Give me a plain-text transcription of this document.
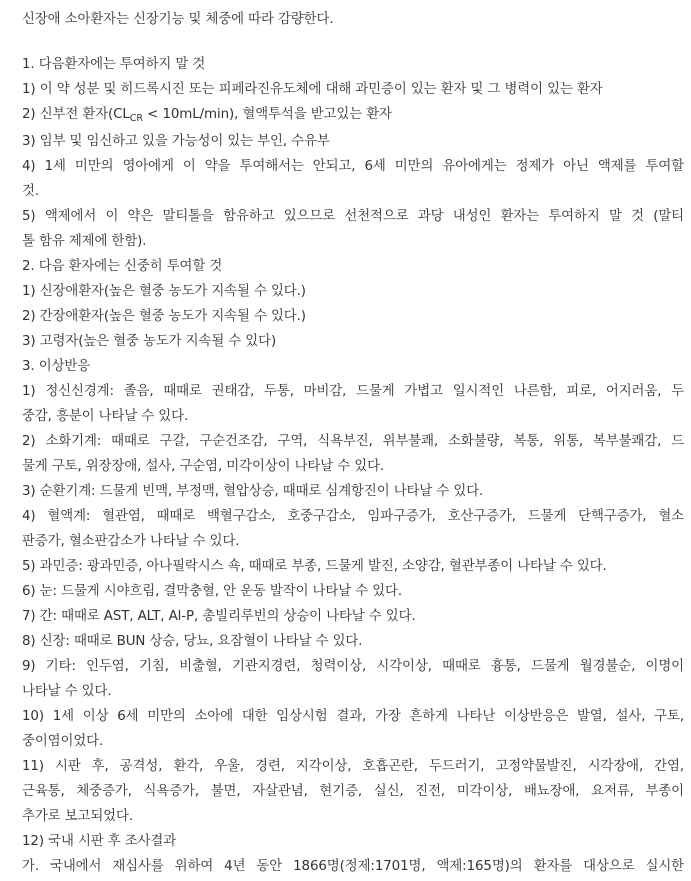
신장애 소아환자는 신장기능 및 체중에 따라 감량한다.
1. 다음환자에는 투여하지 말 것
1) 이 약 성분 및 히드록시진 또는 피페라진유도체에 대해 과민증이 있는 환자 및 그 병력이 있는 환자
2) 신부전 환자$(CL_{CR} < 10mL/\min)$, 혈액투석을 받고있는 환자
3) 임부 및 임신하고 있을 가능성이 있는 부인, 수유부
4) 1세 미만의 영아에게 이 약을 투여해서는 안되고, 6세 미만의 유아에게는 정제가 아닌 액제를 투여할
것.
5) 액제에서 이 약은 말티톨을 함유하고 있으므로 선천적으로 과당 내성인 환자는 투여하지 말 것 (말티
톨 함유 제제에 한함).
2. 다음 환자에는 신중히 투여할 것
1) 신장애환자(높은 혈중 농도가 지속될 수 있다.)
2) 간장애환자(높은 혈중 농도가 지속될 수 있다.)
3) 고령자(높은 혈중 농도가 지속될 수 있다)
3. 이상반응
1) 정신신경계: 졸음, 때때로 권태감, 두통, 마비감, 드물게 가볍고 일시적인 나른함, 피로, 어지러움, 두
중감, 흥분이 나타날 수 있다.
2) 소화기계: 때때로 구갈, 구순건조감, 구역, 식욕부진, 위부불쾌, 소화불량, 복통, 위통, 복부불쾌감, 드
물게 구토, 위장장애, 설사, 구순염, 미각이상이 나타날 수 있다.
3) 순환기계: 드물게 빈맥, 부정맥, 혈압상승, 때때로 심계항진이 나타날 수 있다.
4) 혈액계: 혈관염, 때때로 백혈구감소, 호중구감소, 임파구증가, 호산구증가, 드물게 단핵구증가, 혈소
판증가, 혈소판감소가 나타날 수 있다.
5) 과민증: 광과민증, 아나필락시스 쇽, 때때로 부종, 드물게 발진, 소양감, 혈관부종이 나타날 수 있다.
6) 눈: 드물게 시야흐림, 결막충혈, 안 운동 발작이 나타날 수 있다.
7) 간: 때때로 AST, ALT, Al-P, 총빌리루빈의 상승이 나타날 수 있다.
8) 신장: 때때로 BUN 상승, 당뇨, 요잠혈이 나타날 수 있다.
9) 기타: 인두염, 기침, 비출혈, 기관지경련, 청력이상, 시각이상, 때때로 흉통, 드물게 월경불순, 이명이
나타날 수 있다.
10) 1세 이상 6세 미만의 소아에 대한 임상시험 결과, 가장 흔하게 나타난 이상반응은 발열, 설사, 구토,
중이염이었다.
11) 시판 후, 공격성, 환각, 우울, 경련, 지각이상, 호흡곤란, 두드러기, 고정약물발진, 시각장애, 간염,
근육통, 체중증가, 식욕증가, 불면, 자살관념, 현기증, 실신, 진전, 미각이상, 배뇨장애, 요저류, 부종이
추가로 보고되었다.
12) 국내 시판 후 조사결과
가. 국내에서 재심사를 위하여 4년 동안 1866명(정제:1701명, 액제:165명)의 환자를 대상으로 실시한
